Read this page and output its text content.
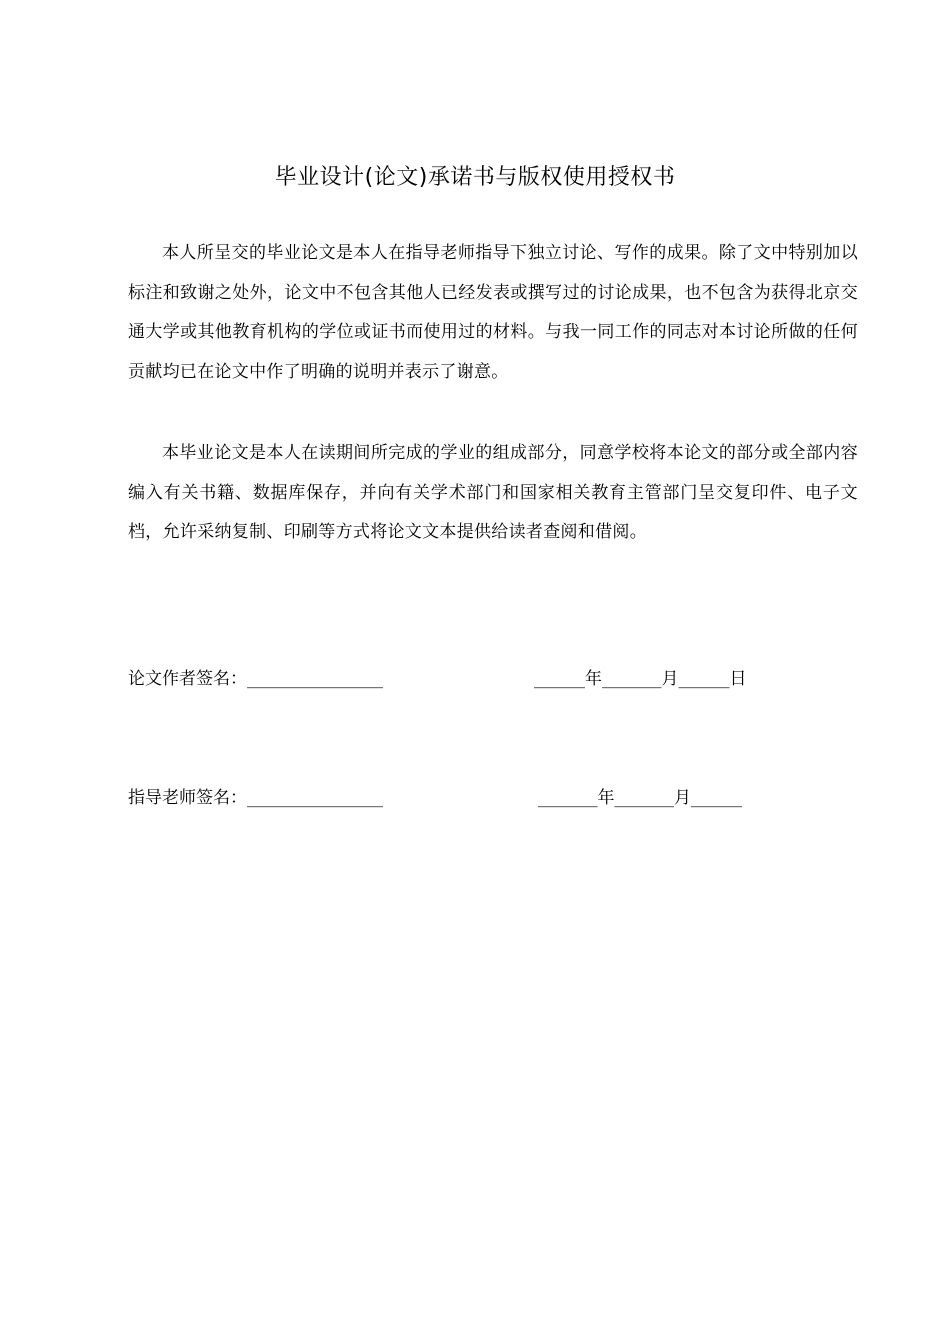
毕业设计(论文)承诺书与版权使用授权书

本人所呈交的毕业论文是本人在指导老师指导下独立讨论、写作的成果。除了文中特别加以标注和致谢之处外，论文中不包含其他人已经发表或撰写过的讨论成果，也不包含为获得北京交通大学或其他教育机构的学位或证书而使用过的材料。与我一同工作的同志对本讨论所做的任何贡献均已在论文中作了明确的说明并表示了谢意。

本毕业论文是本人在读期间所完成的学业的组成部分，同意学校将本论文的部分或全部内容编入有关书籍、数据库保存，并向有关学术部门和国家相关教育主管部门呈交复印件、电子文档，允许采纳复制、印刷等方式将论文文本提供给读者查阅和借阅。

论文作者签名：________________	______年_______月______日
指导老师签名：________________	_______年_______月______
